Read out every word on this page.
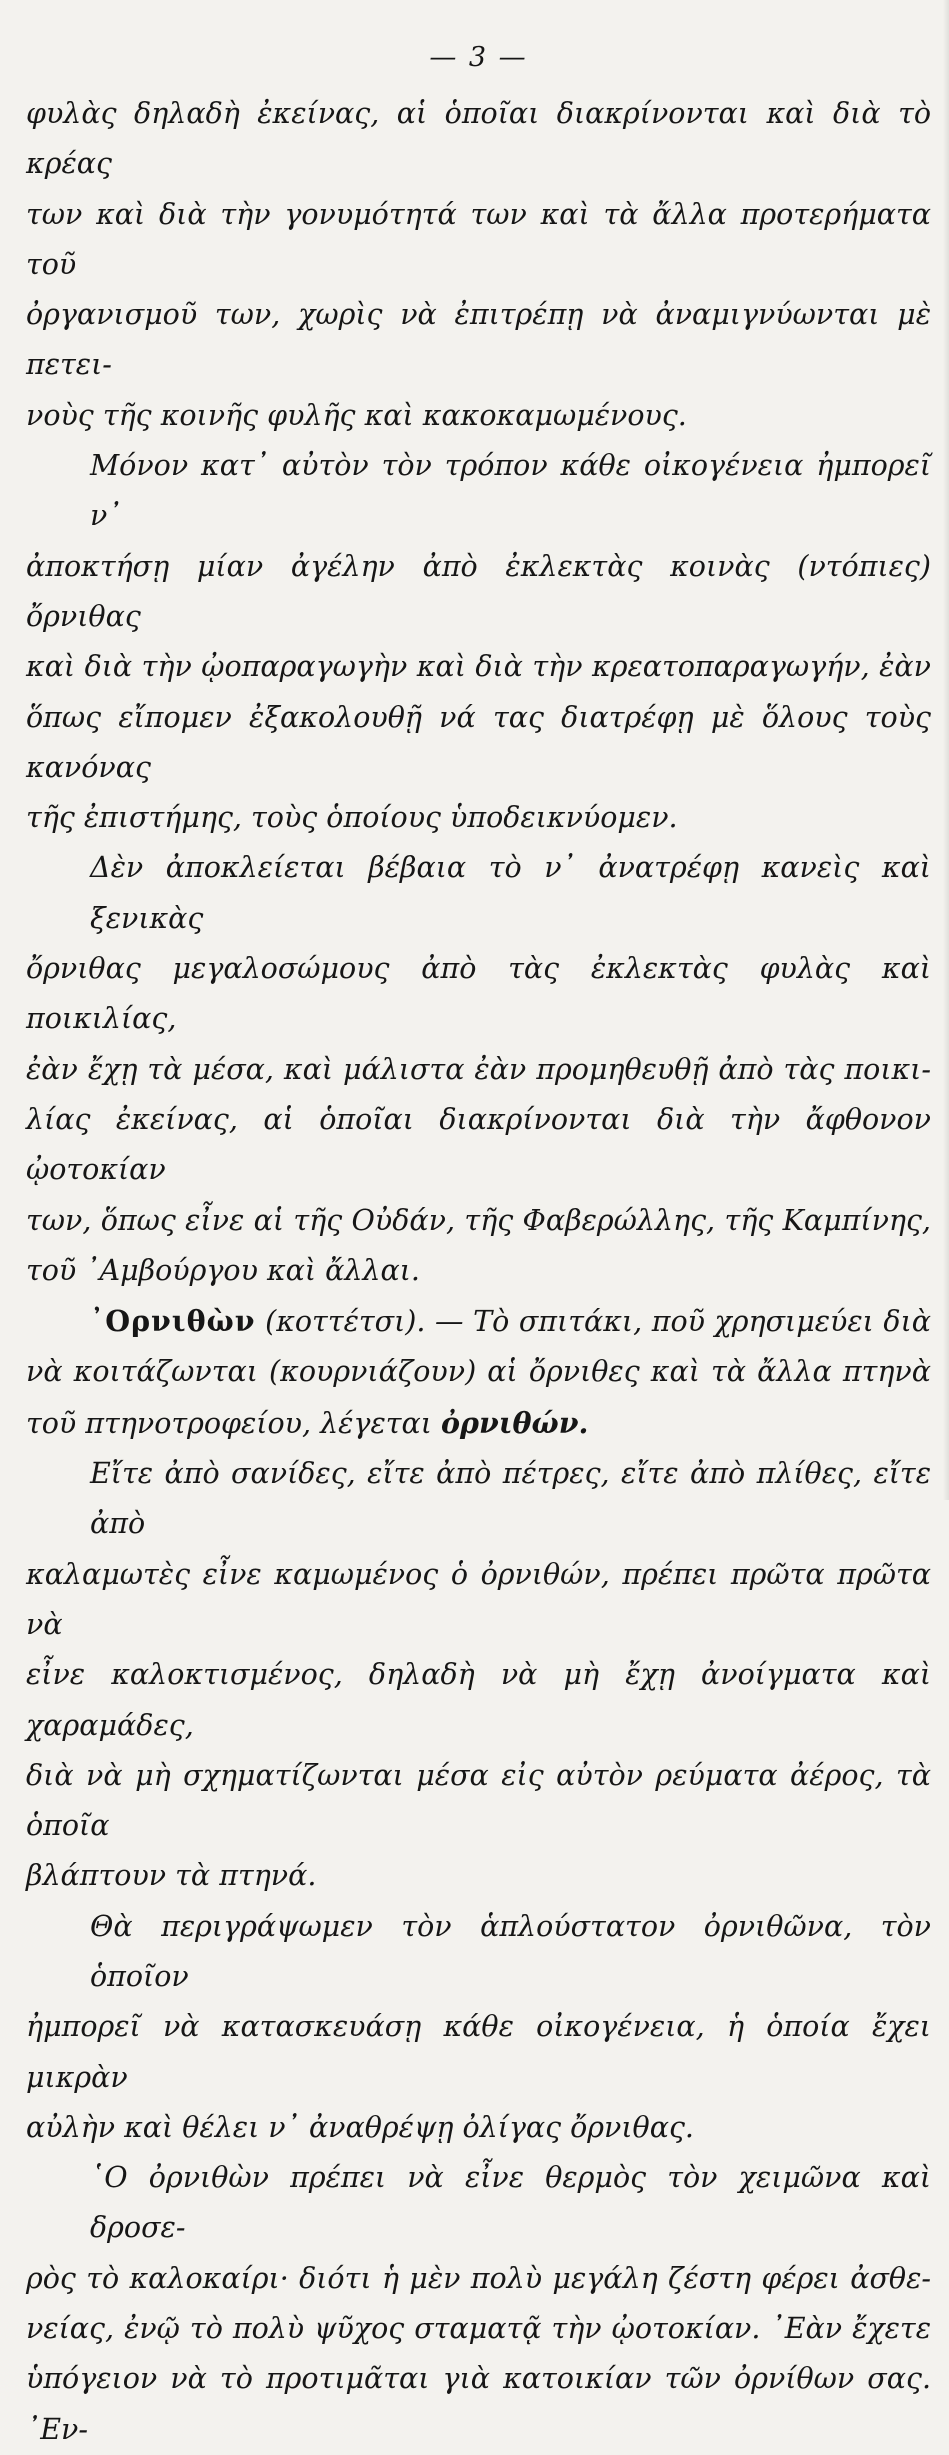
— 3 —
φυλὰς δηλαδὴ ἐκείνας, αἱ ὁποῖαι διακρίνονται καὶ διὰ τὸ κρέας
των καὶ διὰ τὴν γονυμότητά των καὶ τὰ ἄλλα προτερήματα τοῦ
ὀργανισμοῦ των, χωρὶς νὰ ἐπιτρέπῃ νὰ ἀναμιγνύωνται μὲ πετει-
νοὺς τῆς κοινῆς φυλῆς καὶ κακοκαμωμένους.
Μόνον κατ᾽ αὐτὸν τὸν τρόπον κάθε οἰκογένεια ἠμπορεῖ ν᾽
ἀποκτήσῃ μίαν ἀγέλην ἀπὸ ἐκλεκτὰς κοινὰς (ντόπιες) ὄρνιθας
καὶ διὰ τὴν ᾠοπαραγωγὴν καὶ διὰ τὴν κρεατοπαραγωγήν, ἐὰν
ὅπως εἴπομεν ἐξακολουθῇ νά τας διατρέφῃ μὲ ὅλους τοὺς κανόνας
τῆς ἐπιστήμης, τοὺς ὁποίους ὑποδεικνύομεν.
Δὲν ἀποκλείεται βέβαια τὸ ν᾽ ἀνατρέφῃ κανεὶς καὶ ξενικὰς
ὄρνιθας μεγαλοσώμους ἀπὸ τὰς ἐκλεκτὰς φυλὰς καὶ ποικιλίας,
ἐὰν ἔχῃ τὰ μέσα, καὶ μάλιστα ἐὰν προμηθευθῇ ἀπὸ τὰς ποικι-
λίας ἐκείνας, αἱ ὁποῖαι διακρίνονται διὰ τὴν ἄφθονον ᾠοτοκίαν
των, ὅπως εἶνε αἱ τῆς Οὐδάν, τῆς Φαβερώλλης, τῆς Καμπίνης,
τοῦ ᾿Αμβούργου καὶ ἄλλαι.
᾿Ορνιθὼν (κοττέτσι). — Τὸ σπιτάκι, ποῦ χρησιμεύει διὰ
νὰ κοιτάζωνται (κουρνιάζουν) αἱ ὄρνιθες καὶ τὰ ἄλλα πτηνὰ
τοῦ πτηνοτροφείου, λέγεται ὀρνιθών.
Εἴτε ἀπὸ σανίδες, εἴτε ἀπὸ πέτρες, εἴτε ἀπὸ πλίθες, εἴτε ἀπὸ
καλαμωτὲς εἶνε καμωμένος ὁ ὀρνιθών, πρέπει πρῶτα πρῶτα νὰ
εἶνε καλοκτισμένος, δηλαδὴ νὰ μὴ ἔχῃ ἀνοίγματα καὶ χαραμάδες,
διὰ νὰ μὴ σχηματίζωνται μέσα εἰς αὐτὸν ρεύματα ἀέρος, τὰ ὁποῖα
βλάπτουν τὰ πτηνά.
Θὰ περιγράψωμεν τὸν ἁπλούστατον ὀρνιθῶνα, τὸν ὁποῖον
ἠμπορεῖ νὰ κατασκευάσῃ κάθε οἰκογένεια, ἡ ὁποία ἔχει μικρὰν
αὐλὴν καὶ θέλει ν᾽ ἀναθρέψῃ ὀλίγας ὄρνιθας.
῾Ο ὀρνιθὼν πρέπει νὰ εἶνε θερμὸς τὸν χειμῶνα καὶ δροσε-
ρὸς τὸ καλοκαίρι· διότι ἡ μὲν πολὺ μεγάλη ζέστη φέρει ἀσθε-
νείας, ἐνῷ τὸ πολὺ ψῦχος σταματᾷ τὴν ᾠοτοκίαν. ᾿Εὰν ἔχετε
ὑπόγειον νὰ τὸ προτιμᾶται γιὰ κατοικίαν τῶν ὀρνίθων σας. ᾿Εν-
